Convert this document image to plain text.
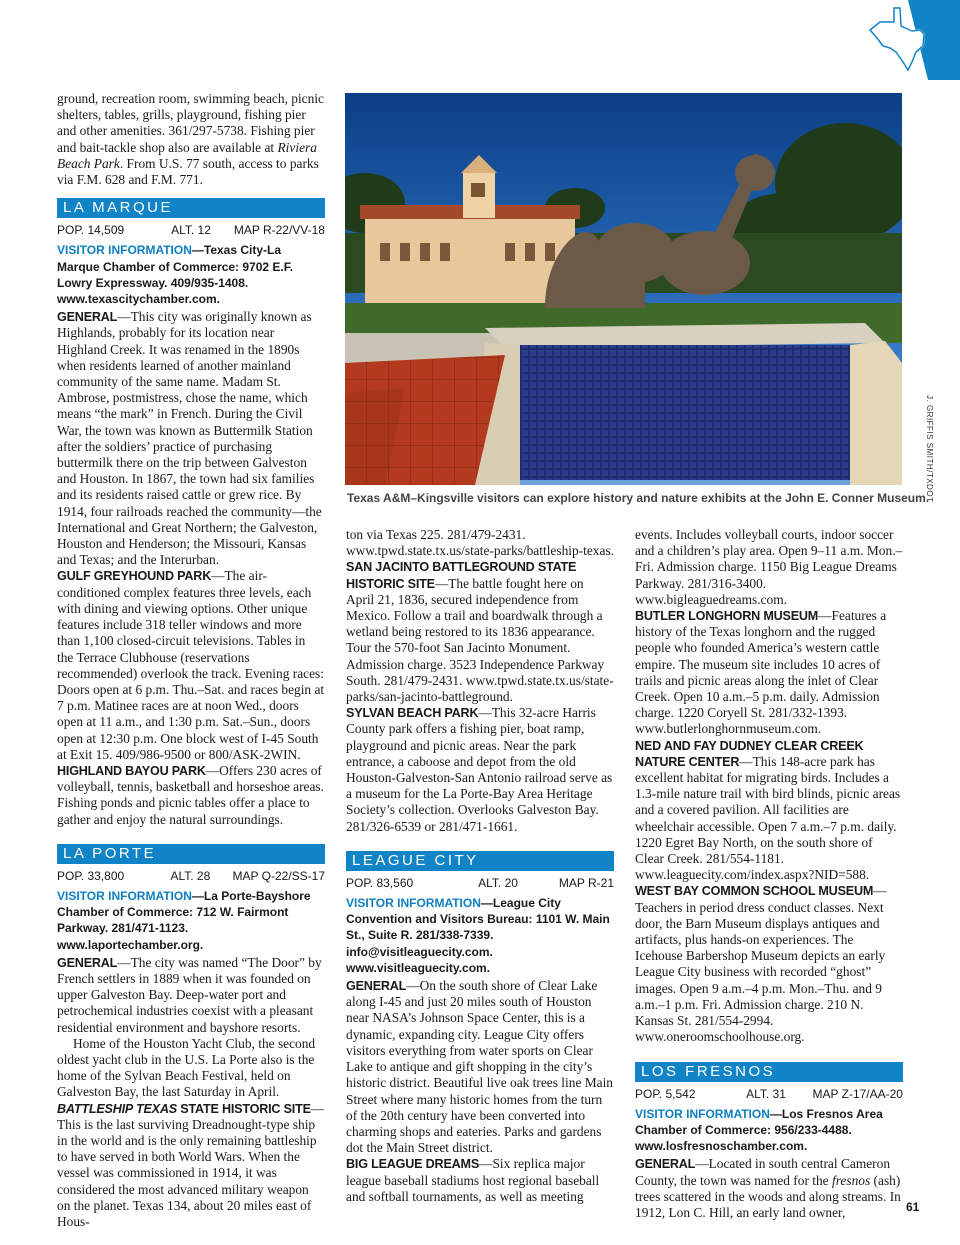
ground, recreation room, swimming beach, picnic shelters, tables, grills, playground, fishing pier and other amenities. 361/297-5738. Fishing pier and bait-tackle shop also are available at Riviera Beach Park. From U.S. 77 south, access to parks via F.M. 628 and F.M. 771.

LA MARQUE
POP. 14,509	ALT. 12 MAP R-22/VV-18

VISITOR INFORMATION—Texas City-La Marque Chamber of Commerce: 9702 E.F. Lowry Expressway. 409/935-1408. www.texascitychamber.com.

GENERAL—This city was originally known as Highlands, probably for its location near Highland Creek. It was renamed in the 1890s when residents learned of another mainland community of the same name. Madam St. Ambrose, postmistress, chose the name, which means “the mark” in French. During the Civil War, the town was known as Buttermilk Station after the soldiers’ practice of purchasing buttermilk there on the trip between Galveston and Houston. In 1867, the town had six families and its residents raised cattle or grew rice. By 1914, four railroads reached the community—the International and Great Northern; the Galveston, Houston and Henderson; the Missouri, Kansas and Texas; and the Interurban.

GULF GREYHOUND PARK—The air-conditioned complex features three levels, each with dining and viewing options. Other unique features include 318 teller windows and more than 1,100 closed-circuit televisions. Tables in the Terrace Clubhouse (reservations recommended) overlook the track. Evening races: Doors open at 6 p.m. Thu.–Sat. and races begin at 7 p.m. Matinee races are at noon Wed., doors open at 11 a.m., and 1:30 p.m. Sat.–Sun., doors open at 12:30 p.m. One block west of I-45 South at Exit 15. 409/986-9500 or 800/ASK-2WIN.

HIGHLAND BAYOU PARK—Offers 230 acres of volleyball, tennis, basketball and horseshoe areas. Fishing ponds and picnic tables offer a place to gather and enjoy the natural surroundings.

LA PORTE
POP. 33,800	ALT. 28 MAP Q-22/SS-17

VISITOR INFORMATION—La Porte-Bayshore Chamber of Commerce: 712 W. Fairmont Parkway. 281/471-1123. www.laportechamber.org.

GENERAL—The city was named “The Door” by French settlers in 1889 when it was founded on upper Galveston Bay. Deep-water port and petrochemical industries coexist with a pleasant residential environment and bayshore resorts.

Home of the Houston Yacht Club, the second oldest yacht club in the U.S. La Porte also is the home of the Sylvan Beach Festival, held on Galveston Bay, the last Saturday in April.

BATTLESHIP TEXAS STATE HISTORIC SITE—This is the last surviving Dreadnought-type ship in the world and is the only remaining battleship to have served in both World Wars. When the vessel was commissioned in 1914, it was considered the most advanced military weapon on the planet. Texas 134, about 20 miles east of Hous-

J. GRIFFIS SMITH/TXDOT
Texas A&M–Kingsville visitors can explore history and nature exhibits at the John E. Conner Museum.

ton via Texas 225. 281/479-2431. www.tpwd.state.tx.us/state-parks/battleship-texas.

SAN JACINTO BATTLEGROUND STATE HISTORIC SITE—The battle fought here on April 21, 1836, secured independence from Mexico. Follow a trail and boardwalk through a wetland being restored to its 1836 appearance. Tour the 570-foot San Jacinto Monument. Admission charge. 3523 Independence Parkway South. 281/479-2431. www.tpwd.state.tx.us/state-parks/san-jacinto-battleground.

SYLVAN BEACH PARK—This 32-acre Harris County park offers a fishing pier, boat ramp, playground and picnic areas. Near the park entrance, a caboose and depot from the old Houston-Galveston-San Antonio railroad serve as a museum for the La Porte-Bay Area Heritage Society’s collection. Overlooks Galveston Bay. 281/326-6539 or 281/471-1661.

LEAGUE CITY
POP. 83,560	ALT. 20	MAP R-21

VISITOR INFORMATION—League City Convention and Visitors Bureau: 1101 W. Main St., Suite R. 281/338-7339. info@visitleaguecity.com. www.visitleaguecity.com.

GENERAL—On the south shore of Clear Lake along I-45 and just 20 miles south of Houston near NASA’s Johnson Space Center, this is a dynamic, expanding city. League City offers visitors everything from water sports on Clear Lake to antique and gift shopping in the city’s historic district. Beautiful live oak trees line Main Street where many historic homes from the turn of the 20th century have been converted into charming shops and eateries. Parks and gardens dot the Main Street district.

BIG LEAGUE DREAMS—Six replica major league baseball stadiums host regional baseball and softball tournaments, as well as meeting

events. Includes volleyball courts, indoor soccer and a children’s play area. Open 9–11 a.m. Mon.–Fri. Admission charge. 1150 Big League Dreams Parkway. 281/316-3400. www.bigleaguedreams.com.

BUTLER LONGHORN MUSEUM—Features a history of the Texas longhorn and the rugged people who founded America’s western cattle empire. The museum site includes 10 acres of trails and picnic areas along the inlet of Clear Creek. Open 10 a.m.–5 p.m. daily. Admission charge. 1220 Coryell St. 281/332-1393. www.butlerlonghornmuseum.com.

NED AND FAY DUDNEY CLEAR CREEK NATURE CENTER—This 148-acre park has excellent habitat for migrating birds. Includes a 1.3-mile nature trail with bird blinds, picnic areas and a covered pavilion. All facilities are wheelchair accessible. Open 7 a.m.–7 p.m. daily. 1220 Egret Bay North, on the south shore of Clear Creek. 281/554-1181. www.leaguecity.com/index.aspx?NID=588.

WEST BAY COMMON SCHOOL MUSEUM—Teachers in period dress conduct classes. Next door, the Barn Museum displays antiques and artifacts, plus hands-on experiences. The Icehouse Barbershop Museum depicts an early League City business with recorded “ghost” images. Open 9 a.m.–4 p.m. Mon.–Thu. and 9 a.m.–1 p.m. Fri. Admission charge. 210 N. Kansas St. 281/554-2994. www.oneroomschoolhouse.org.

LOS FRESNOS
POP. 5,542	ALT. 31 MAP Z-17/AA-20

VISITOR INFORMATION—Los Fresnos Area Chamber of Commerce: 956/233-4488. www.losfresnoschamber.com.

GENERAL—Located in south central Cameron County, the town was named for the fresnos (ash) trees scattered in the woods and along streams. In 1912, Lon C. Hill, an early land owner,	61
